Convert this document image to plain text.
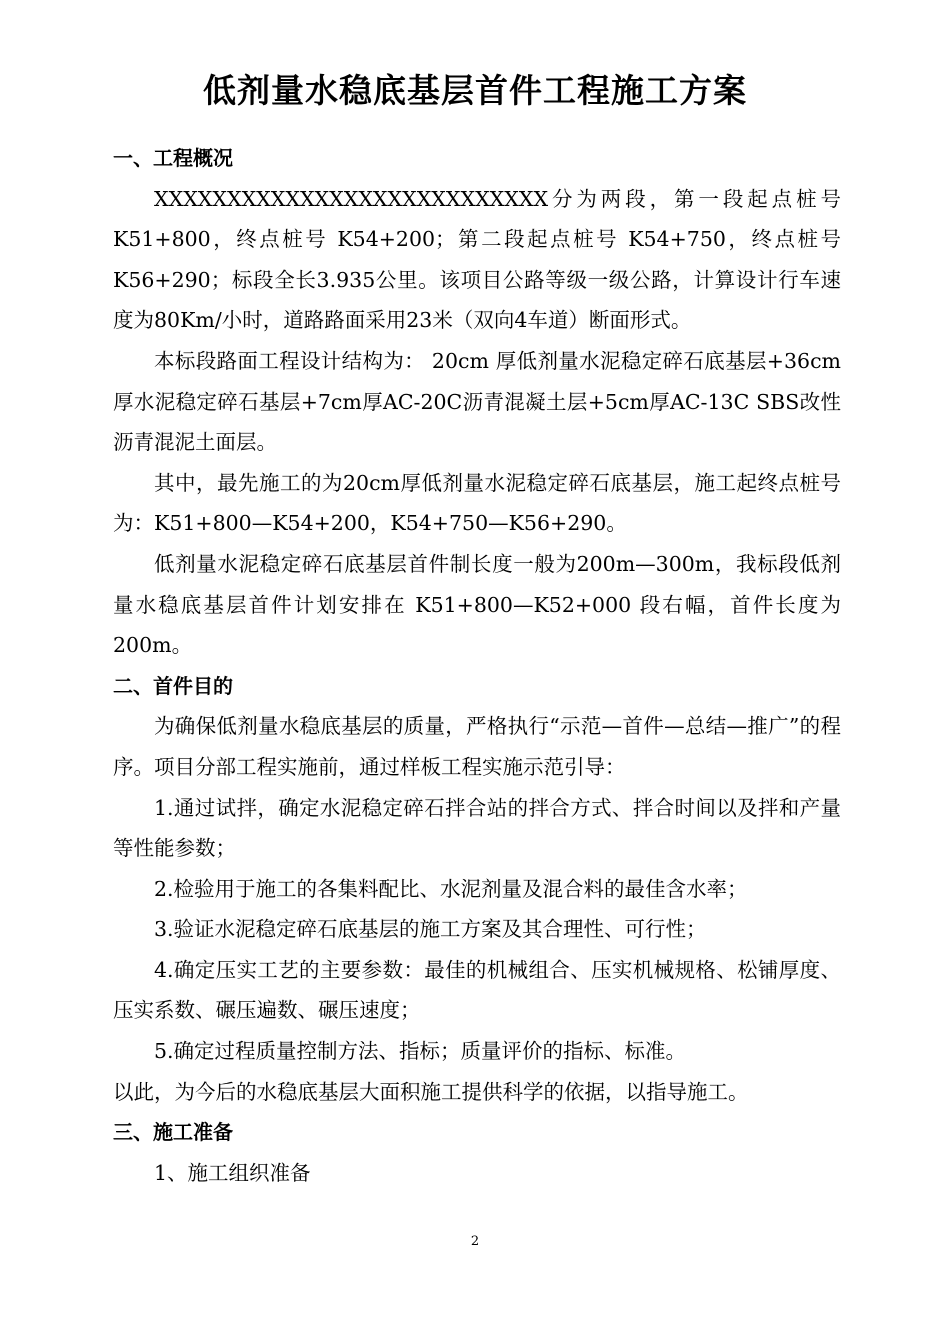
低剂量水稳底基层首件工程施工方案
一、工程概况

XXXXXXXXXXXXXXXXXXXXXXXXXXX分为两段，第一段起点桩号 K51+800，终点桩号 K54+200；第二段起点桩号 K54+750，终点桩号 K56+290；标段全长3.935公里。该项目公路等级一级公路，计算设计行车速度为80Km/小时，道路路面采用23米（双向4车道）断面形式。

本标段路面工程设计结构为： 20cm 厚低剂量水泥稳定碎石底基层+36cm厚水泥稳定碎石基层+7cm厚AC-20C沥青混凝土层+5cm厚AC-13C SBS改性沥青混泥土面层。

其中，最先施工的为20cm厚低剂量水泥稳定碎石底基层，施工起终点桩号为：K51+800—K54+200，K54+750—K56+290。

低剂量水泥稳定碎石底基层首件制长度一般为200m—300m，我标段低剂量水稳底基层首件计划安排在 K51+800—K52+000 段右幅，首件长度为200m。

二、首件目的

为确保低剂量水稳底基层的质量，严格执行“示范—首件—总结—推广”的程序。项目分部工程实施前，通过样板工程实施示范引导：

1.通过试拌，确定水泥稳定碎石拌合站的拌合方式、拌合时间以及拌和产量等性能参数；

2.检验用于施工的各集料配比、水泥剂量及混合料的最佳含水率；

3.验证水泥稳定碎石底基层的施工方案及其合理性、可行性；

4.确定压实工艺的主要参数：最佳的机械组合、压实机械规格、松铺厚度、压实系数、碾压遍数、碾压速度；

5.确定过程质量控制方法、指标；质量评价的指标、标准。

以此，为今后的水稳底基层大面积施工提供科学的依据，以指导施工。

三、施工准备

1、施工组织准备

2
